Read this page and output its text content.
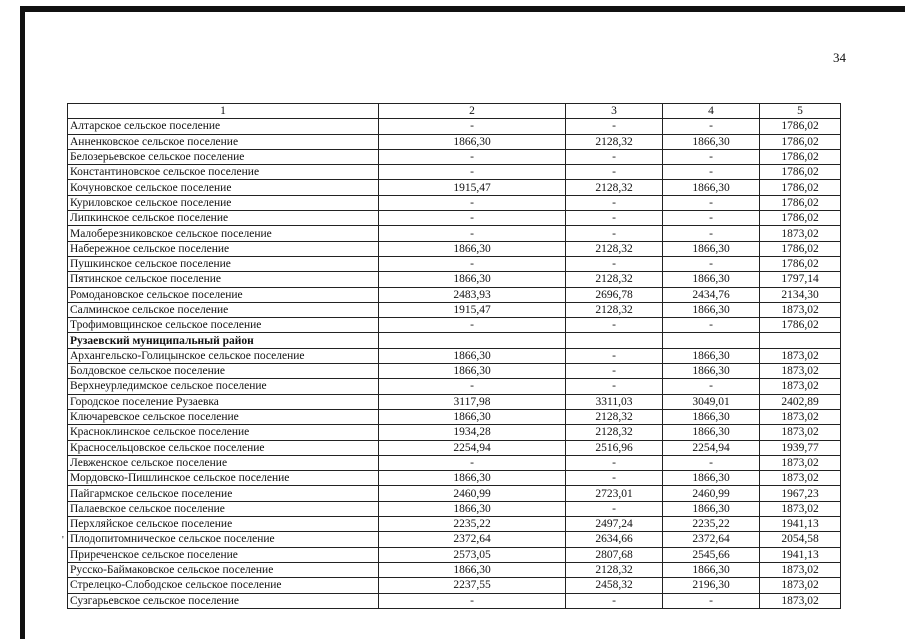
34
'
1	2	3	4	5
Алтарское сельское поселение	-	-	-	1786,02
Анненковское сельское поселение	1866,30	2128,32	1866,30	1786,02
Белозерьевское сельское поселение	-	-	-	1786,02
Константиновское сельское поселение	-	-	-	1786,02
Кочуновское сельское поселение	1915,47	2128,32	1866,30	1786,02
Куриловское сельское поселение	-	-	-	1786,02
Липкинское сельское поселение	-	-	-	1786,02
Малоберезниковское сельское поселение	-	-	-	1873,02
Набережное сельское поселение	1866,30	2128,32	1866,30	1786,02
Пушкинское сельское поселение	-	-	-	1786,02
Пятинское сельское поселение	1866,30	2128,32	1866,30	1797,14
Ромодановское сельское поселение	2483,93	2696,78	2434,76	2134,30
Салминское сельское поселение	1915,47	2128,32	1866,30	1873,02
Трофимовщинское сельское поселение	-	-	-	1786,02
Рузаевский муниципальный район				
Архангельско-Голицынское сельское поселение	1866,30	-	1866,30	1873,02
Болдовское сельское поселение	1866,30	-	1866,30	1873,02
Верхнеурледимское сельское поселение	-	-	-	1873,02
Городское поселение Рузаевка	3117,98	3311,03	3049,01	2402,89
Ключаревское сельское поселение	1866,30	2128,32	1866,30	1873,02
Красноклинское сельское поселение	1934,28	2128,32	1866,30	1873,02
Красносельцовское сельское поселение	2254,94	2516,96	2254,94	1939,77
Левженское сельское поселение	-	-	-	1873,02
Мордовско-Пишлинское сельское поселение	1866,30	-	1866,30	1873,02
Пайгармское сельское поселение	2460,99	2723,01	2460,99	1967,23
Палаевское сельское поселение	1866,30	-	1866,30	1873,02
Перхляйское сельское поселение	2235,22	2497,24	2235,22	1941,13
Плодопитомническое сельское поселение	2372,64	2634,66	2372,64	2054,58
Приреченское сельское поселение	2573,05	2807,68	2545,66	1941,13
Русско-Баймаковское сельское поселение	1866,30	2128,32	1866,30	1873,02
Стрелецко-Слободское сельское поселение	2237,55	2458,32	2196,30	1873,02
Сузгарьевское сельское поселение	-	-	-	1873,02
